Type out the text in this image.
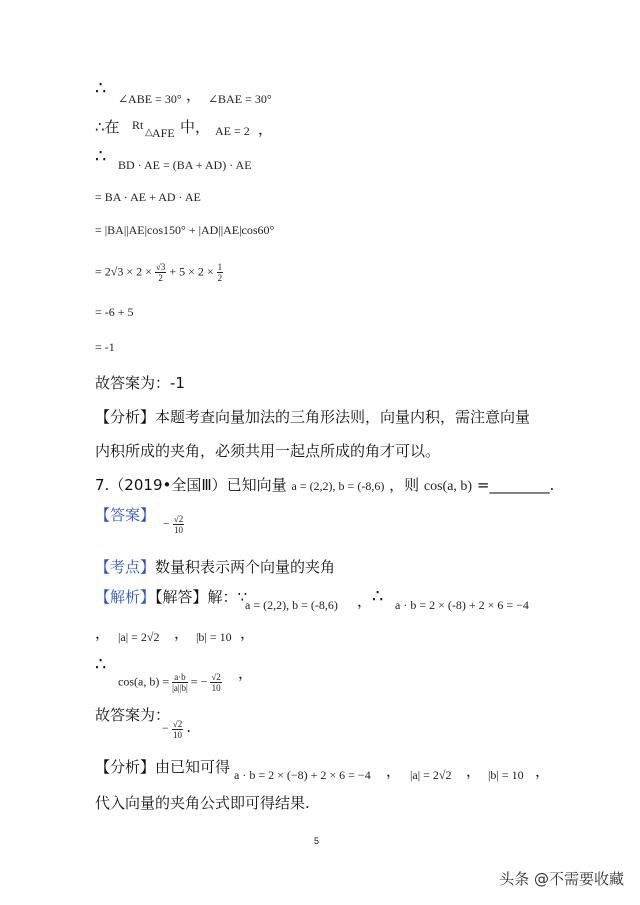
∴ ∠ABE = 30° ， ∠BAE = 30°
∴在 Rt
△ AFE 中， AE = 2 ，
∴ BD · AE = (BA + AD) · AE
= BA · AE + AD · AE
= |BA||AE|cos150° + |AD||AE|cos60°
= $2√3 \times 2 \times \frac{√3}{2} + 5 \times 2 \times \frac{1}{2}$
= ‑6 + 5
= ‑1
故答案为：‑1
【分析】本题考查向量加法的三角形法则，向量内积，需注意向量
内积所成的夹角，必须共用一起点所成的角才可以。
7.（2019•全国Ⅲ）已知向量 a = (2,2), b = (‑8,6) ，则 cos(a, b) =________.
【答案】 − $\frac{√2}{10}$
【考点】数量积表示两个向量的夹角
【解析】【解答】解：∵
a = (2,2), b = (‑8,6) ， ∴ a · b = 2 × (‑8) + 2 × 6 = −4
， |a| = 2√2 ， |b| = 10 ，
∴
cos(a, $b) = \frac{a\cdot b}{|a||b|}$ = − $\frac{√2}{10}$ ，
故答案为：
− $\frac{√2}{10}$ .
【分析】由已知可得 a · b = 2 × (−8) + 2 × 6 = −4 ， |a| = 2√2 ， |b| = 10 ，
代入向量的夹角公式即可得结果.
5
头条 @不需要收藏
